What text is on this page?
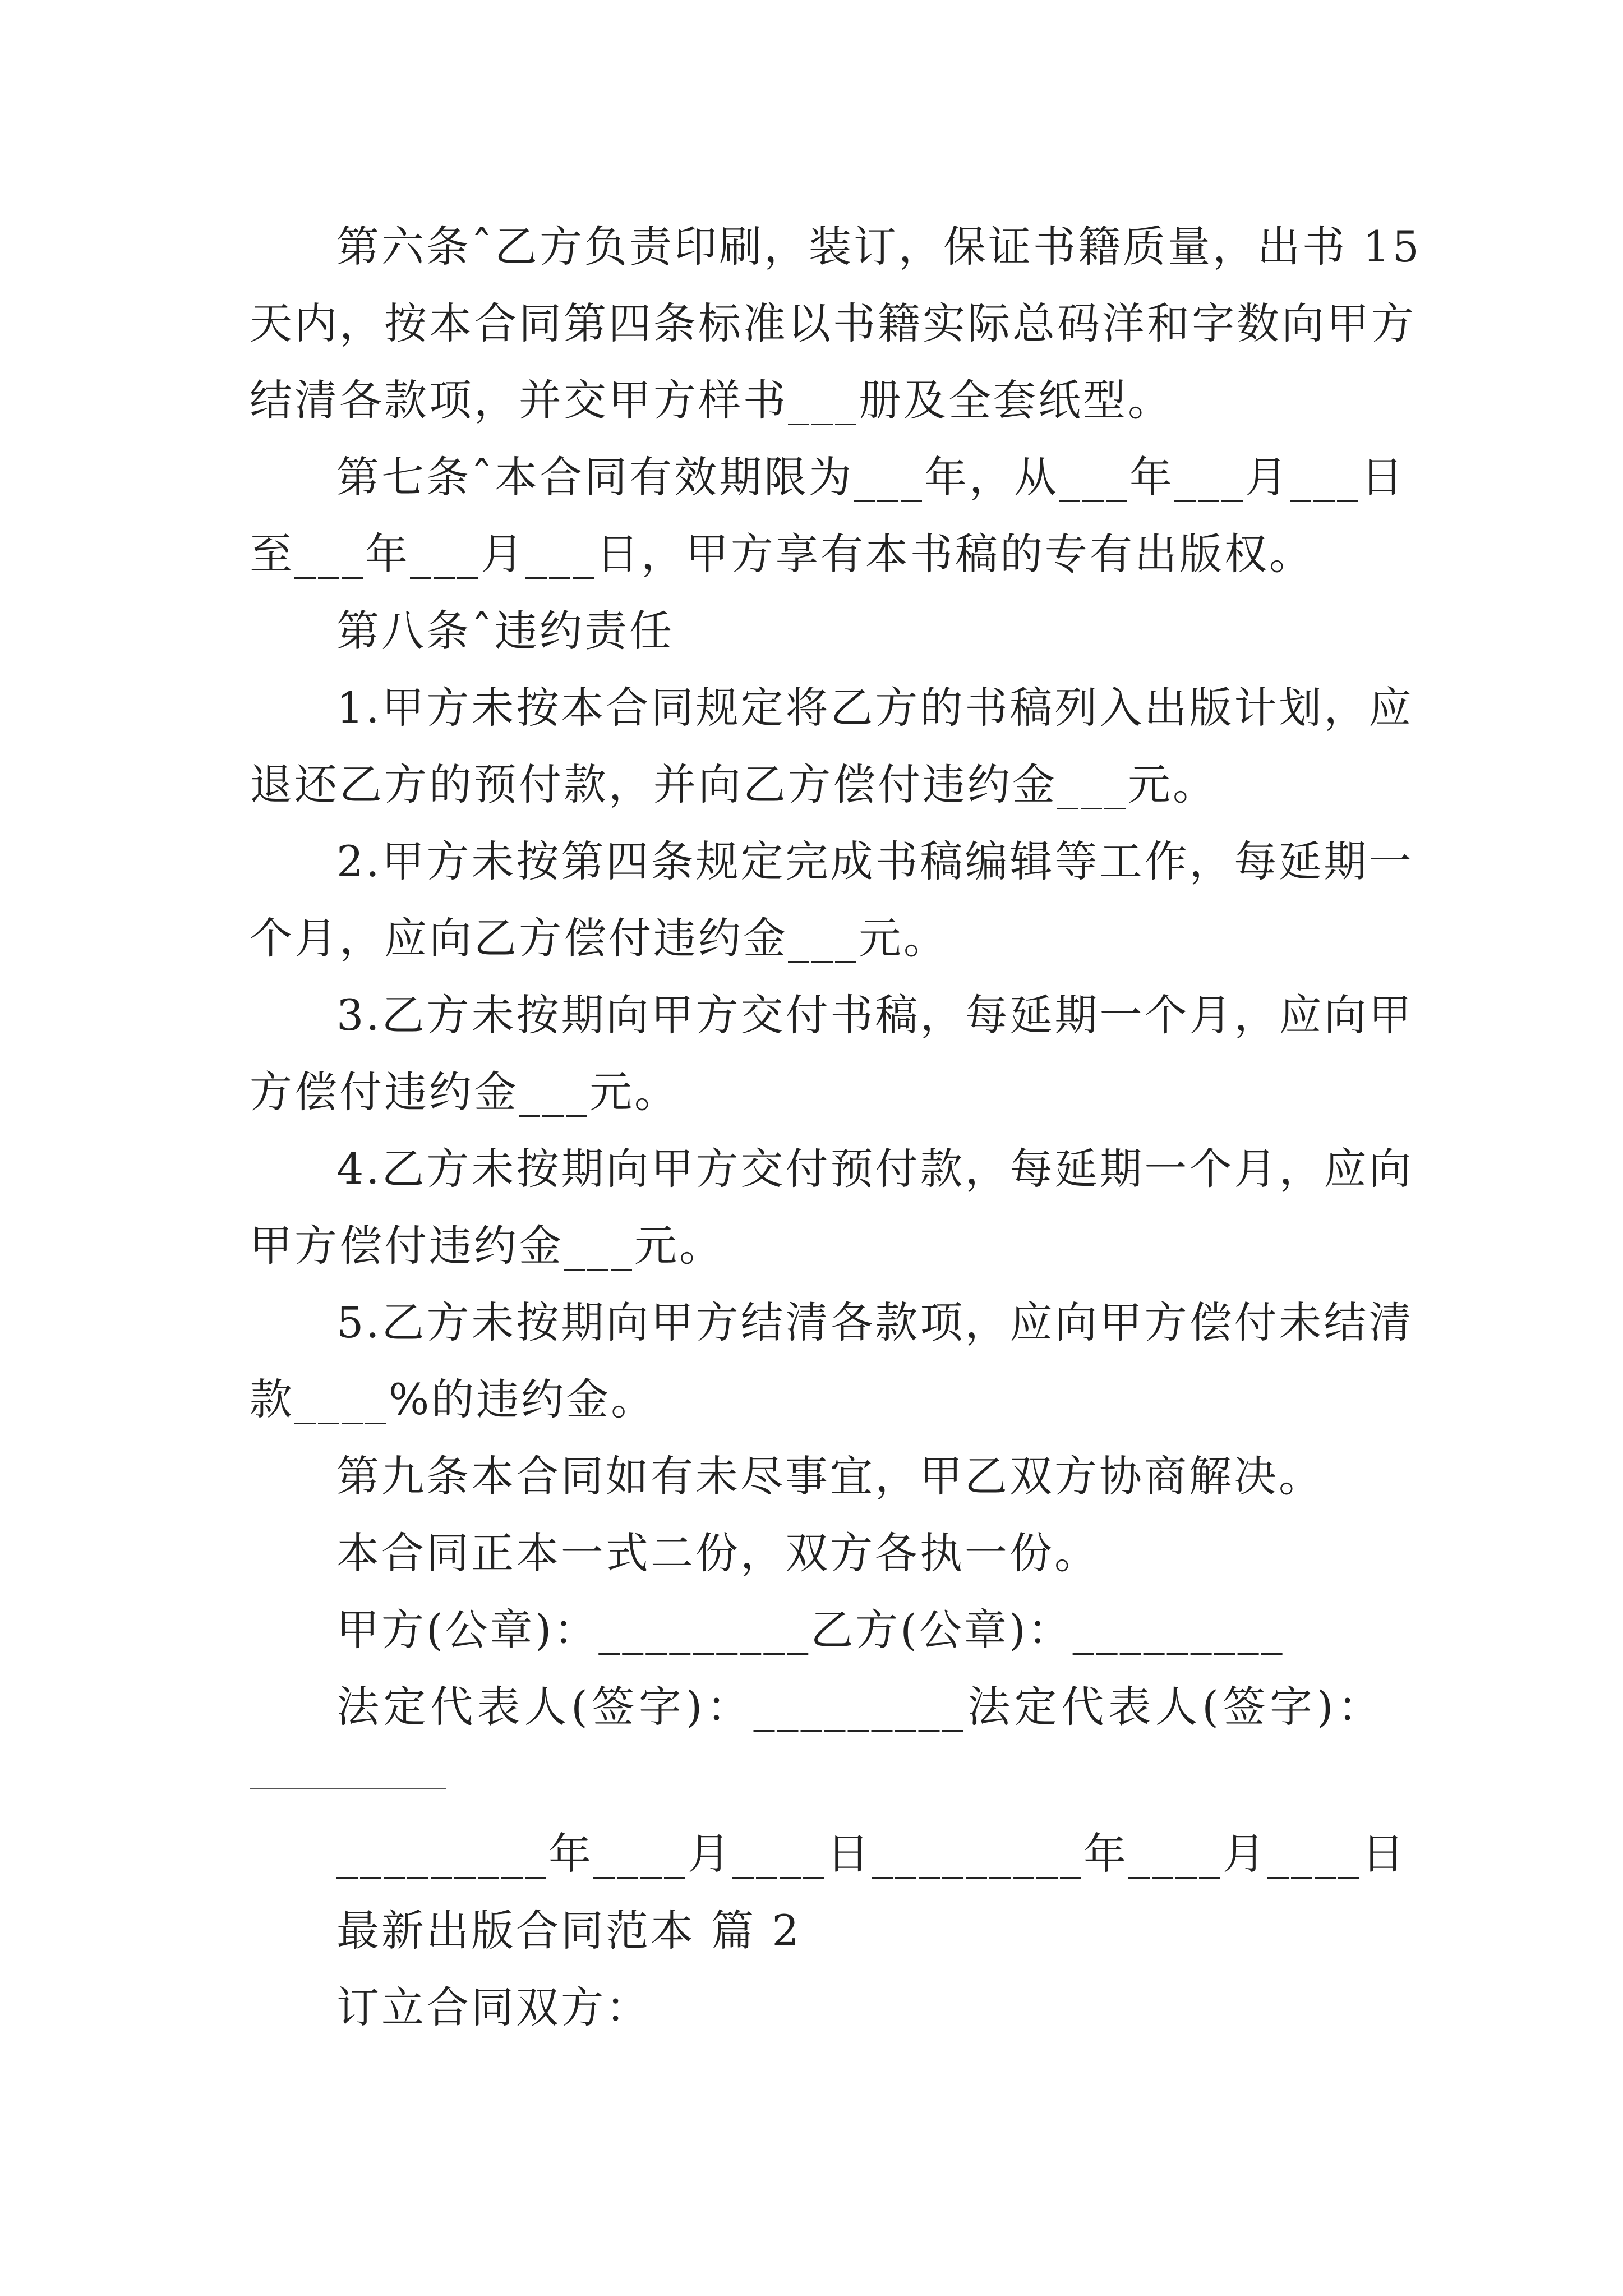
第六条ˆ乙方负责印刷，装订，保证书籍质量，出书 15
天内，按本合同第四条标准以书籍实际总码洋和字数向甲方
结清各款项，并交甲方样书___册及全套纸型。
第七条ˆ本合同有效期限为___年，从___年___月___日
至___年___月___日，甲方享有本书稿的专有出版权。
第八条ˆ违约责任
1.甲方未按本合同规定将乙方的书稿列入出版计划，应
退还乙方的预付款，并向乙方偿付违约金___元。
2.甲方未按第四条规定完成书稿编辑等工作，每延期一
个月，应向乙方偿付违约金___元。
3.乙方未按期向甲方交付书稿，每延期一个月，应向甲
方偿付违约金___元。
4.乙方未按期向甲方交付预付款，每延期一个月，应向
甲方偿付违约金___元。
5.乙方未按期向甲方结清各款项，应向甲方偿付未结清
款____%的违约金。
第九条本合同如有未尽事宜，甲乙双方协商解决。
本合同正本一式二份，双方各执一份。
甲方(公章)：_________乙方(公章)：_________
法定代表人(签字)：_________法定代表人(签字)：
_________年____月____日_________年____月____日
最新出版合同范本 篇 2
订立合同双方：
